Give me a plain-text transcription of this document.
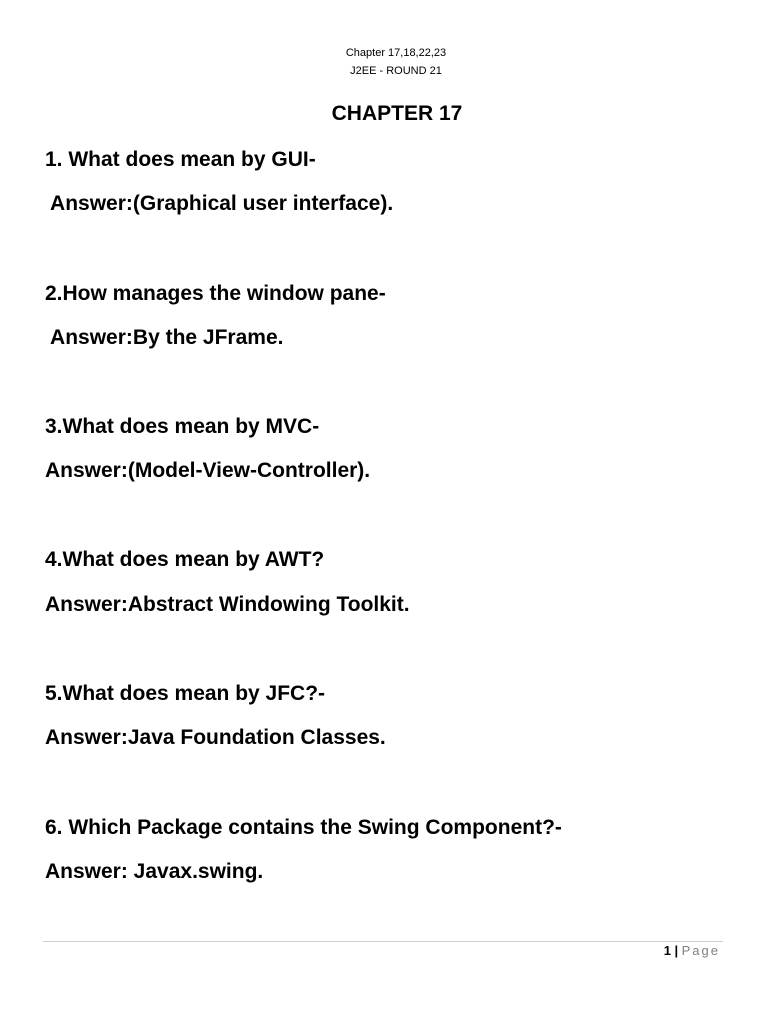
Chapter 17,18,22,23
J2EE - ROUND 21
CHAPTER 17
1. What does mean by GUI-
Answer:(Graphical user interface).
2.How manages the window pane-
Answer:By the JFrame.
3.What does mean by MVC-
Answer:(Model-View-Controller).
4.What does mean by AWT?
Answer:Abstract Windowing Toolkit.
5.What does mean by JFC?-
Answer:Java Foundation Classes.
6. Which Package contains the Swing Component?-
Answer: Javax.swing.
1 | Page
